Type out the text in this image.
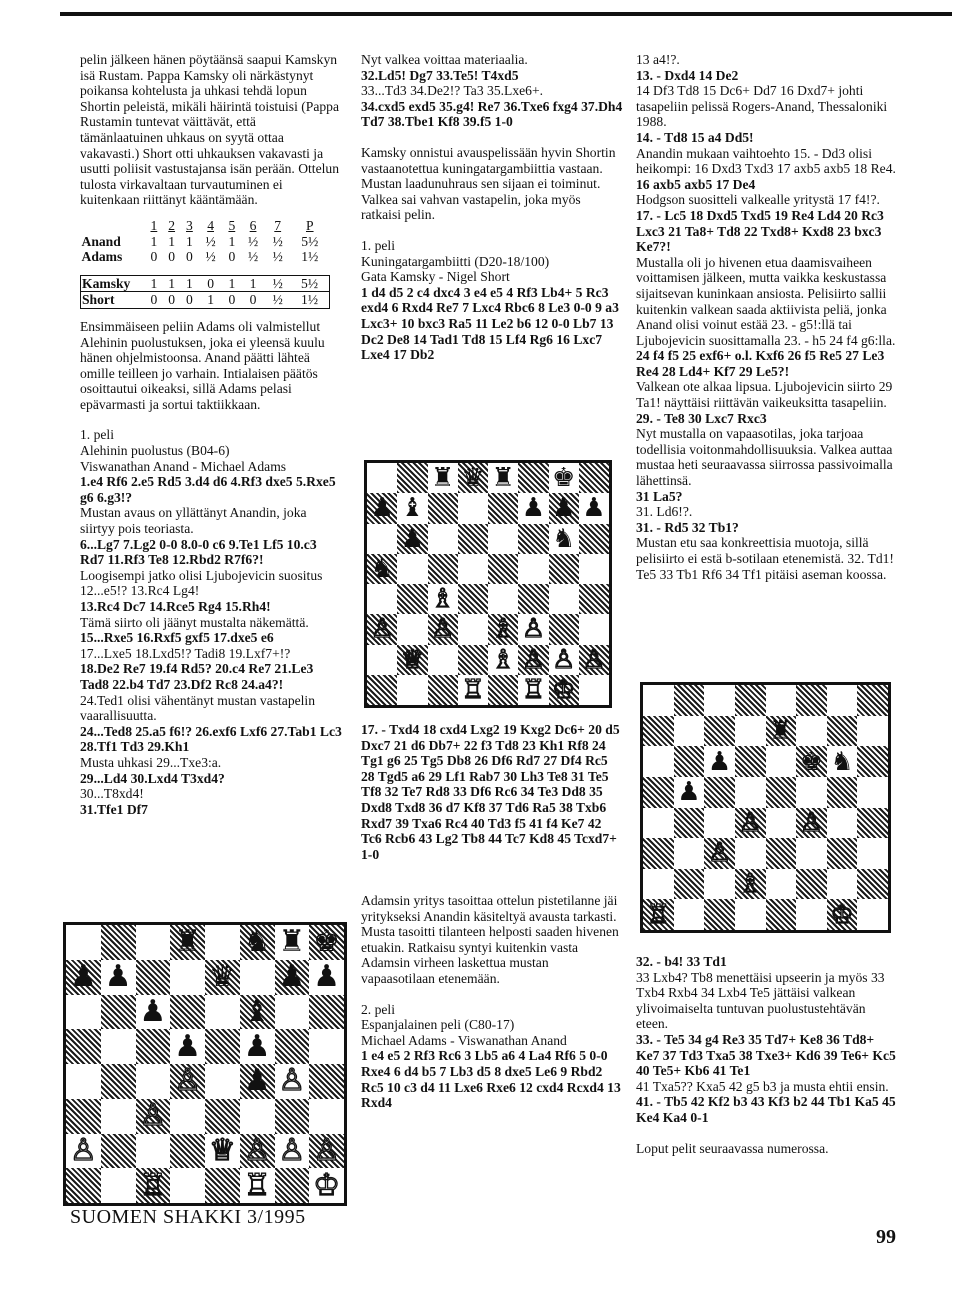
pelin jälkeen hänen pöytäänsä saapui Kamskyn isä Rustam. Pappa Kamsky oli närkästynyt poikansa kohtelusta ja uhkasi tehdä lopun Shortin peleistä, mikäli häirintä toistuisi (Pappa Rustamin tuntevat väittävät, että tämänlaatuinen uhkaus on syytä ottaa vakavasti.) Short otti uhkauksen vakavasti ja usutti poliisit vastustajansa isän perään. Ottelun tulosta virkavaltaan turvautuminen ei kuitenkaan riittänyt kääntämään.

	1	2	3	4	5	6	7	P
Anand	1	1	1	½	1	½	½	5½
Adams	0	0	0	½	0	½	½	1½

Kamsky	1	1	1	0	1	1	½	5½
Short	0	0	0	1	0	0	½	1½

Ensimmäiseen peliin Adams oli valmistellut Alehinin puolustuksen, joka ei yleensä kuulu hänen ohjelmistoonsa. Anand päätti lähteä omille teilleen jo varhain. Intialaisen päätös osoittautui oikeaksi, sillä Adams pelasi epävarmasti ja sortui taktiikkaan.

1. peli

Alehinin puolustus (B04-6)

Viswanathan Anand - Michael Adams

1.e4 Rf6 2.e5 Rd5 3.d4 d6 4.Rf3 dxe5 5.Rxe5 g6 6.g3!?

Mustan avaus on yllättänyt Anandin, joka siirtyy pois teoriasta.

6...Lg7 7.Lg2 0-0 8.0-0 c6 9.Te1 Lf5 10.c3 Rd7 11.Rf3 Te8 12.Rbd2 R7f6?!

Loogisempi jatko olisi Ljubojevicin suositus 12...e5!? 13.Rc4 Lg4!

13.Rc4 Dc7 14.Rce5 Rg4 15.Rh4!

Tämä siirto oli jäänyt mustalta näkemättä.

15...Rxe5 16.Rxf5 gxf5 17.dxe5 e6

17...Lxe5 18.Lxd5!? Tadi8 19.Lxf7+!?

18.De2 Re7 19.f4 Rd5? 20.c4 Re7 21.Le3 Tad8 22.b4 Td7 23.Df2 Rc8 24.a4?!

24.Ted1 olisi vähentänyt mustan vastapelin vaarallisuutta.

24...Ted8 25.a5 f6!? 26.exf6 Lxf6 27.Tab1 Lc3 28.Tf1 Td3 29.Kh1

Musta uhkasi 29...Txe3:a.

29...Ld4 30.Lxd4 T3xd4?

30...T8xd4!

31.Tfe1 Df7

Nyt valkea voittaa materiaalia.

32.Ld5! Dg7 33.Te5! T4xd5

33...Td3 34.De2!? Ta3 35.Lxe6+.

34.cxd5 exd5 35.g4! Re7 36.Txe6 fxg4 37.Dh4 Td7 38.Tbe1 Kf8 39.f5 1-0

Kamsky onnistui avauspelissään hyvin Shortin vastaanotettua kuningatargambiittia vastaan. Mustan laadunuhraus sen sijaan ei toiminut. Valkea sai vahvan vastapelin, joka myös ratkaisi pelin.

1. peli

Kuningatargambiitti (D20-18/100)

Gata Kamsky - Nigel Short

1 d4 d5 2 c4 dxc4 3 e4 e5 4 Rf3 Lb4+ 5 Rc3 exd4 6 Rxd4 Re7 7 Lxc4 Rbc6 8 Le3 0-0 9 a3 Lxc3+ 10 bxc3 Ra5 11 Le2 b6 12 0-0 Lb7 13 Dc2 De8 14 Tad1 Td8 15 Lf4 Rg6 16 Lxc7 Lxe4 17 Db2

17. - Txd4 18 cxd4 Lxg2 19 Kxg2 Dc6+ 20 d5 Dxc7 21 d6 Db7+ 22 f3 Td8 23 Kh1 Rf8 24 Tg1 g6 25 Tg5 Db8 26 Df6 Rd7 27 Df4 Rc5 28 Tgd5 a6 29 Lf1 Rab7 30 Lh3 Te8 31 Te5 Tf8 32 Te7 Rd8 33 Df6 Rc6 34 Te3 Dd8 35 Dxd8 Txd8 36 d7 Kf8 37 Td6 Ra5 38 Txb6 Rxd7 39 Txa6 Rc4 40 Td3 f5 41 f4 Ke7 42 Tc6 Rcb6 43 Lg2 Tb8 44 Tc7 Kd8 45 Tcxd7+ 1-0

Adamsin yritys tasoittaa ottelun pistetilanne jäi yritykseksi Anandin käsiteltyä avausta tarkasti. Musta tasoitti tilanteen helposti saaden hivenen etuakin. Ratkaisu syntyi kuitenkin vasta Adamsin virheen laskettua mustan vapaasotilaan etenemään.

2. peli

Espanjalainen peli (C80-17)

Michael Adams - Viswanathan Anand

1 e4 e5 2 Rf3 Rc6 3 Lb5 a6 4 La4 Rf6 5 0-0 Rxe4 6 d4 b5 7 Lb3 d5 8 dxe5 Le6 9 Rbd2 Rc5 10 c3 d4 11 Lxe6 Rxe6 12 cxd4 Rcxd4 13 Rxd4

13 a4!?.

13. - Dxd4 14 De2

14 Df3 Td8 15 Dc6+ Dd7 16 Dxd7+ johti tasapeliin pelissä Rogers-Anand, Thessaloniki 1988.

14. - Td8 15 a4 Dd5!

Anandin mukaan vaihtoehto 15. - Dd3 olisi heikompi: 16 Dxd3 Txd3 17 axb5 axb5 18 Re4.

16 axb5 axb5 17 De4

Hodgson suositteli valkealle yritystä 17 f4!?.

17. - Lc5 18 Dxd5 Txd5 19 Re4 Ld4 20 Rc3 Lxc3 21 Ta8+ Td8 22 Txd8+ Kxd8 23 bxc3 Ke7?!

Mustalla oli jo hivenen etua daamisvaiheen voittamisen jälkeen, mutta vaikka keskustassa sijaitsevan kuninkaan ansiosta. Pelisiirto sallii kuitenkin valkean saada aktiivista peliä, jonka Anand olisi voinut estää 23. - g5!:llä tai Ljubojevicin suosittamalla 23. - h5 24 f4 g6:lla.

24 f4 f5 25 exf6+ o.l. Kxf6 26 f5 Re5 27 Le3 Re4 28 Ld4+ Kf7 29 Le5?!

Valkean ote alkaa lipsua. Ljubojevicin siirto 29 Ta1! näyttäisi riittävän vaikeuksitta tasapeliin.

29. - Te8 30 Lxc7 Rxc3

Nyt mustalla on vapaasotilas, joka tarjoaa todellisia voitonmahdollisuuksia. Valkea auttaa mustaa heti seuraavassa siirrossa passivoimalla lähettinsä.

31 La5?

31. Ld6!?.

31. - Rd5 32 Tb1?

Mustan etu saa konkreettisia muotoja, sillä pelisiirto ei estä b-sotilaan etenemistä. 32. Td1! Te5 33 Tb1 Rf6 34 Tf1 pitäisi aseman koossa.

32. - b4! 33 Td1

33 Lxb4? Tb8 menettäisi upseerin ja myös 33 Txb4 Rxb4 34 Lxb4 Te5 jättäisi valkean ylivoimaiselta tuntuvan puolustustehtävän eteen.

33. - Te5 34 g4 Re3 35 Td7+ Ke8 36 Td8+ Ke7 37 Td3 Txa5 38 Txe3+ Kd6 39 Te6+ Kc5 40 Te5+ Kb6 41 Te1

41 Txa5?? Kxa5 42 g5 b3 ja musta ehtii ensin.

41. - Tb5 42 Kf2 b3 43 Kf3 b2 44 Tb1 Ka5 45 Ke4 Ka4 0-1

Loput pelit seuraavassa numerossa.

♜ ♞ ♜ ♚
♟ ♟	♛ ♟ ♟
♟	♝
♟ ♟
♙ ♟ ♙
♙
♙	♕ ♙ ♙ ♙
♖	♖ ♔
♜ ♛ ♜ ♚
♟ ♝	♟ ♟ ♟
♟	♞
♞
♗
♙ ♙ ♗ ♙
♕	♗ ♙ ♙ ♙
♖ ♖ ♔
♜
♟	♚ ♞
♟
♙ ♙
♙
♗
♖	♔
SUOMEN SHAKKI 3/1995
99
